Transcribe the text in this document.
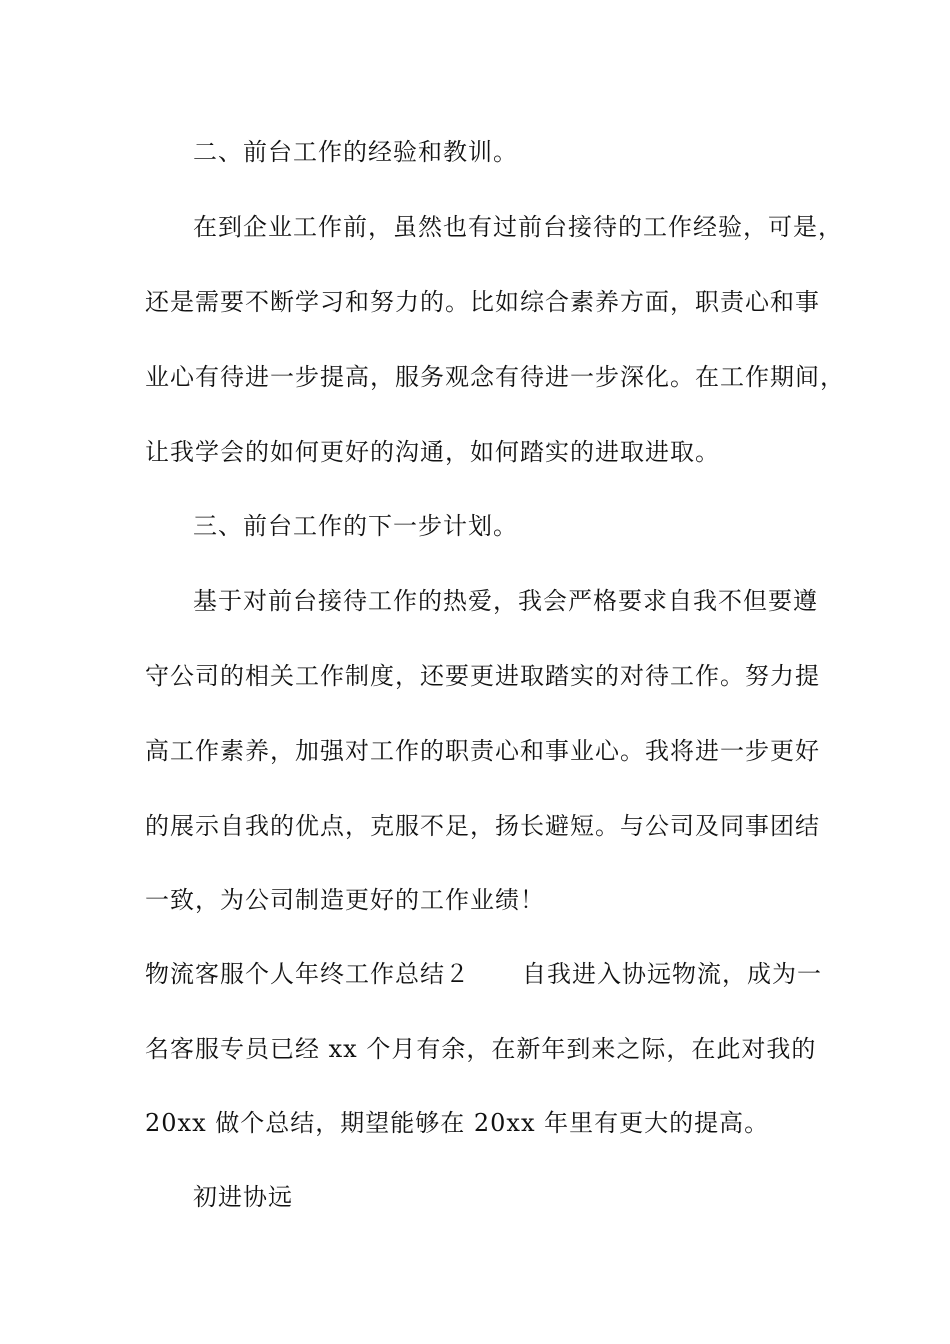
二、前台工作的经验和教训。
在到企业工作前，虽然也有过前台接待的工作经验，可是，
还是需要不断学习和努力的。比如综合素养方面，职责心和事
业心有待进一步提高，服务观念有待进一步深化。在工作期间，
让我学会的如何更好的沟通，如何踏实的进取进取。
三、前台工作的下一步计划。
基于对前台接待工作的热爱，我会严格要求自我不但要遵
守公司的相关工作制度，还要更进取踏实的对待工作。努力提
高工作素养，加强对工作的职责心和事业心。我将进一步更好
的展示自我的优点，克服不足，扬长避短。与公司及同事团结
一致，为公司制造更好的工作业绩！
物流客服个人年终工作总结２ 自我进入协远物流，成为一
名客服专员已经 xx 个月有余，在新年到来之际，在此对我的
20xx 做个总结，期望能够在 20xx 年里有更大的提高。
初进协远
